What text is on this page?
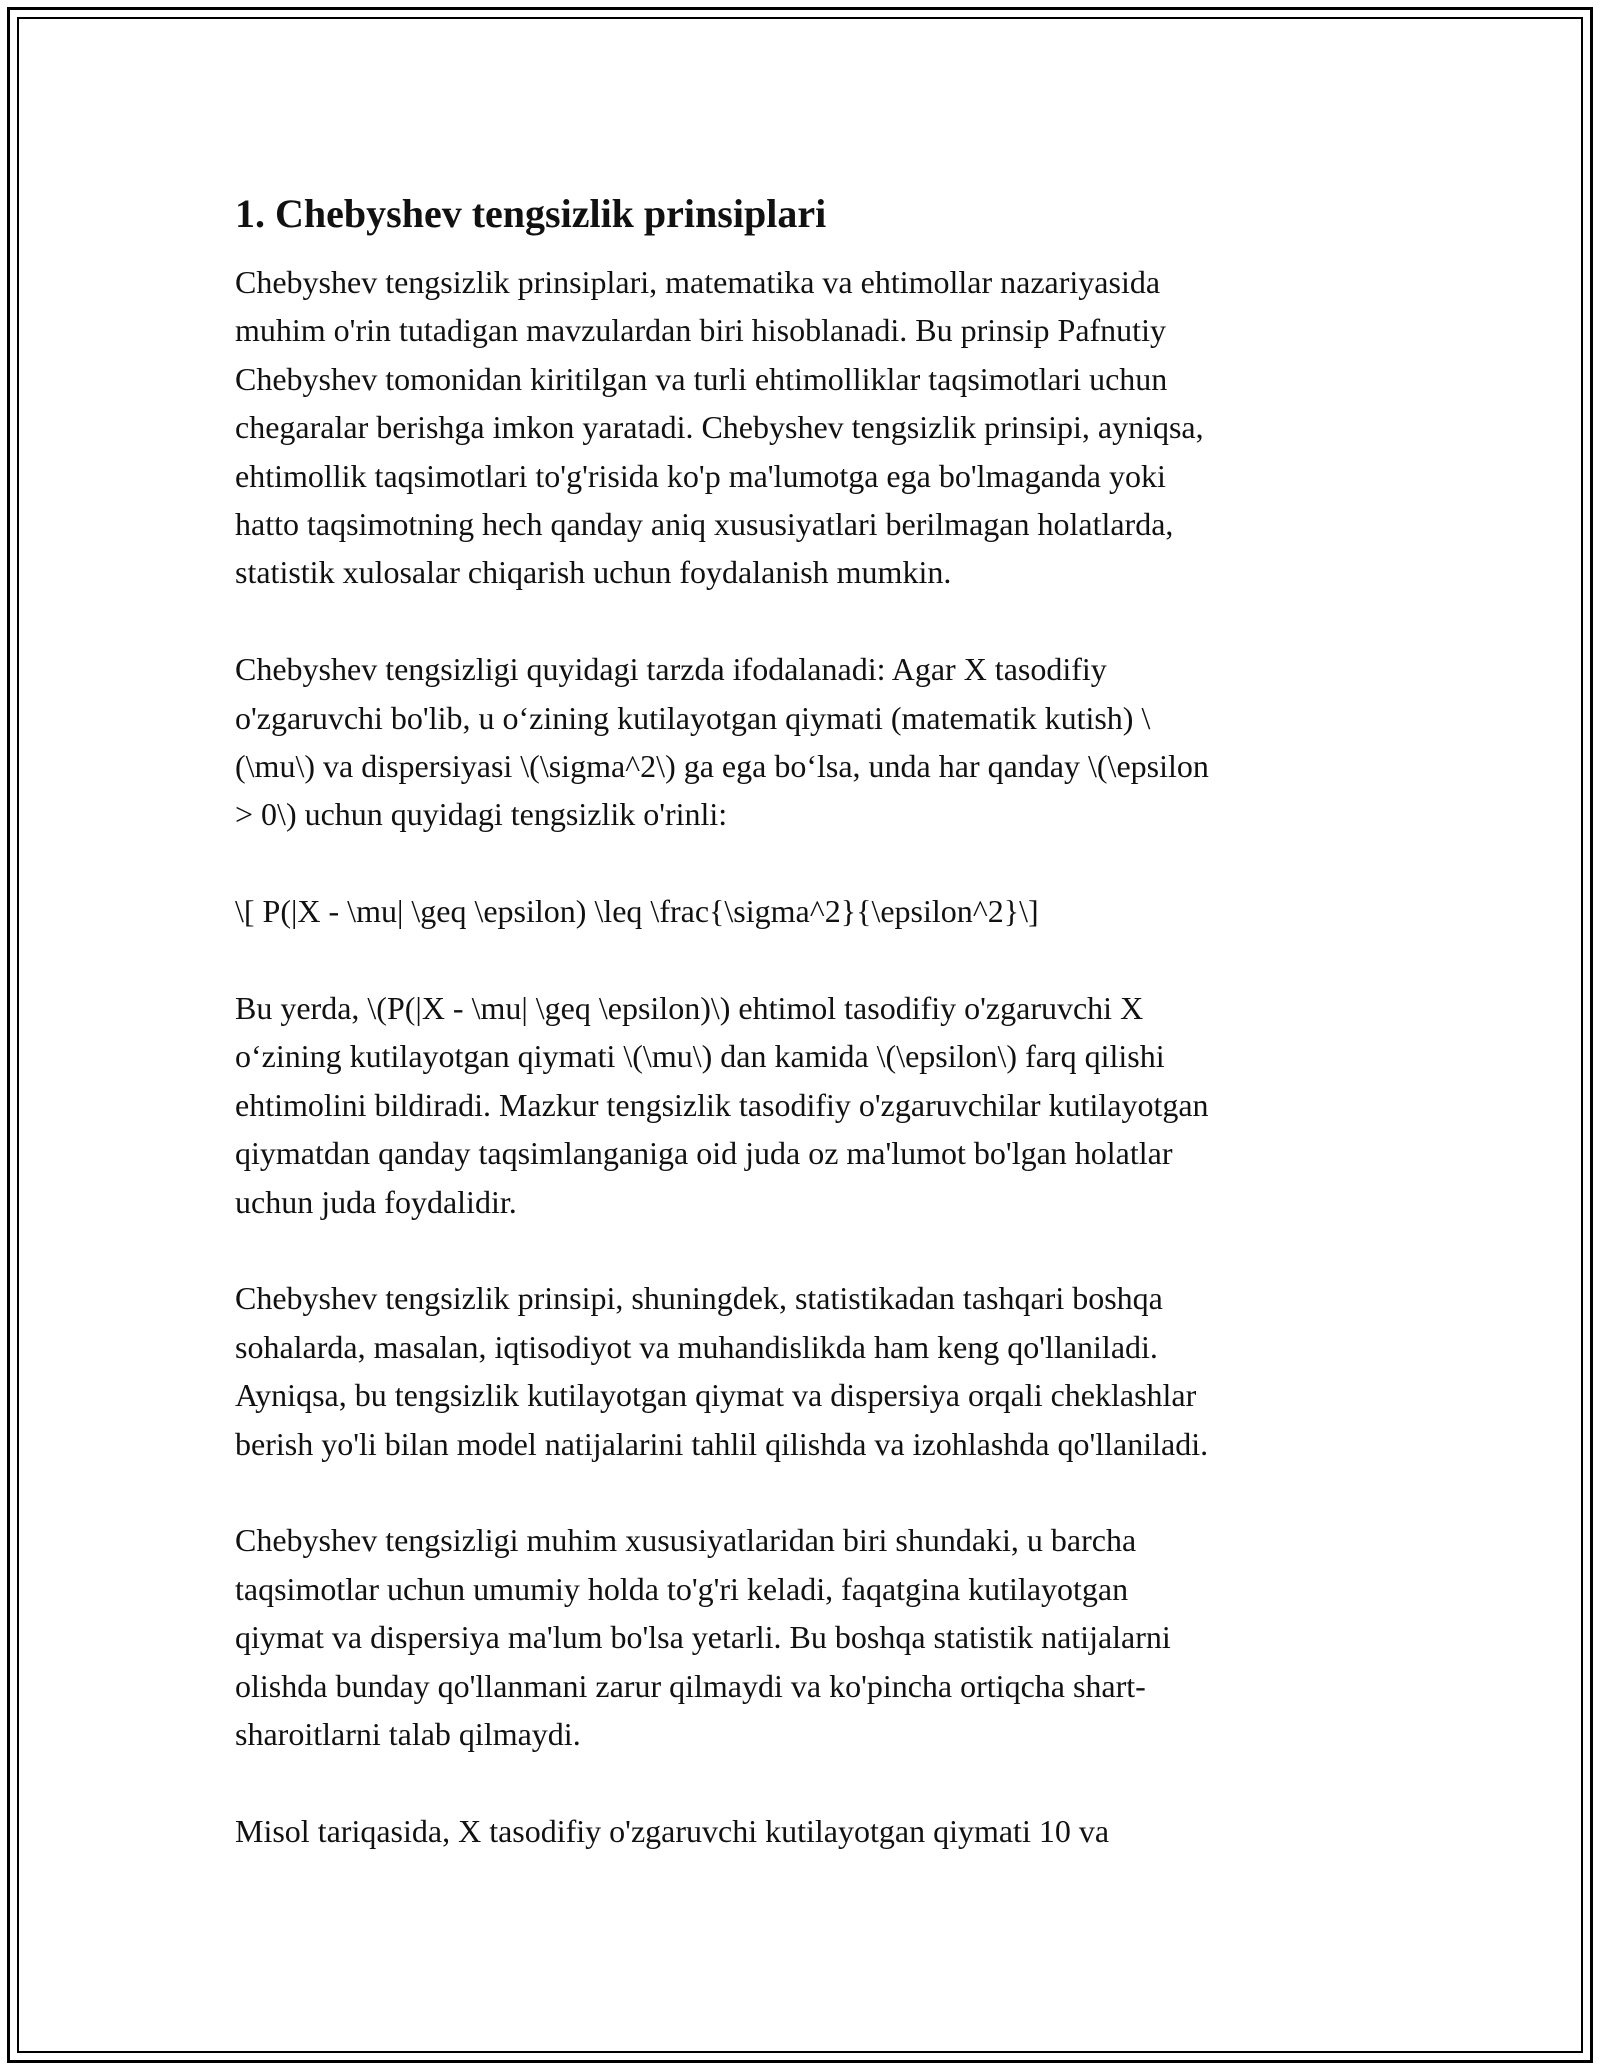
1. Chebyshev tengsizlik prinsiplari

Chebyshev tengsizlik prinsiplari, matematika va ehtimollar nazariyasida
muhim o'rin tutadigan mavzulardan biri hisoblanadi. Bu prinsip Pafnutiy
Chebyshev tomonidan kiritilgan va turli ehtimolliklar taqsimotlari uchun
chegaralar berishga imkon yaratadi. Chebyshev tengsizlik prinsipi, ayniqsa,
ehtimollik taqsimotlari to'g'risida ko'p ma'lumotga ega bo'lmaganda yoki
hatto taqsimotning hech qanday aniq xususiyatlari berilmagan holatlarda,
statistik xulosalar chiqarish uchun foydalanish mumkin.

Chebyshev tengsizligi quyidagi tarzda ifodalanadi: Agar X tasodifiy
o'zgaruvchi bo'lib, u o‘zining kutilayotgan qiymati (matematik kutish) \
(\mu\) va dispersiyasi \(\sigma^2\) ga ega bo‘lsa, unda har qanday \(\epsilon
> 0\) uchun quyidagi tengsizlik o'rinli:

\[ P(|X - \mu| \geq \epsilon) \leq \frac{\sigma^2}{\epsilon^2}\]

Bu yerda, \(P(|X - \mu| \geq \epsilon)\) ehtimol tasodifiy o'zgaruvchi X
o‘zining kutilayotgan qiymati \(\mu\) dan kamida \(\epsilon\) farq qilishi
ehtimolini bildiradi. Mazkur tengsizlik tasodifiy o'zgaruvchilar kutilayotgan
qiymatdan qanday taqsimlanganiga oid juda oz ma'lumot bo'lgan holatlar
uchun juda foydalidir.

Chebyshev tengsizlik prinsipi, shuningdek, statistikadan tashqari boshqa
sohalarda, masalan, iqtisodiyot va muhandislikda ham keng qo'llaniladi.
Ayniqsa, bu tengsizlik kutilayotgan qiymat va dispersiya orqali cheklashlar
berish yo'li bilan model natijalarini tahlil qilishda va izohlashda qo'llaniladi.

Chebyshev tengsizligi muhim xususiyatlaridan biri shundaki, u barcha
taqsimotlar uchun umumiy holda to'g'ri keladi, faqatgina kutilayotgan
qiymat va dispersiya ma'lum bo'lsa yetarli. Bu boshqa statistik natijalarni
olishda bunday qo'llanmani zarur qilmaydi va ko'pincha ortiqcha shart-
sharoitlarni talab qilmaydi.

Misol tariqasida, X tasodifiy o'zgaruvchi kutilayotgan qiymati 10 va
